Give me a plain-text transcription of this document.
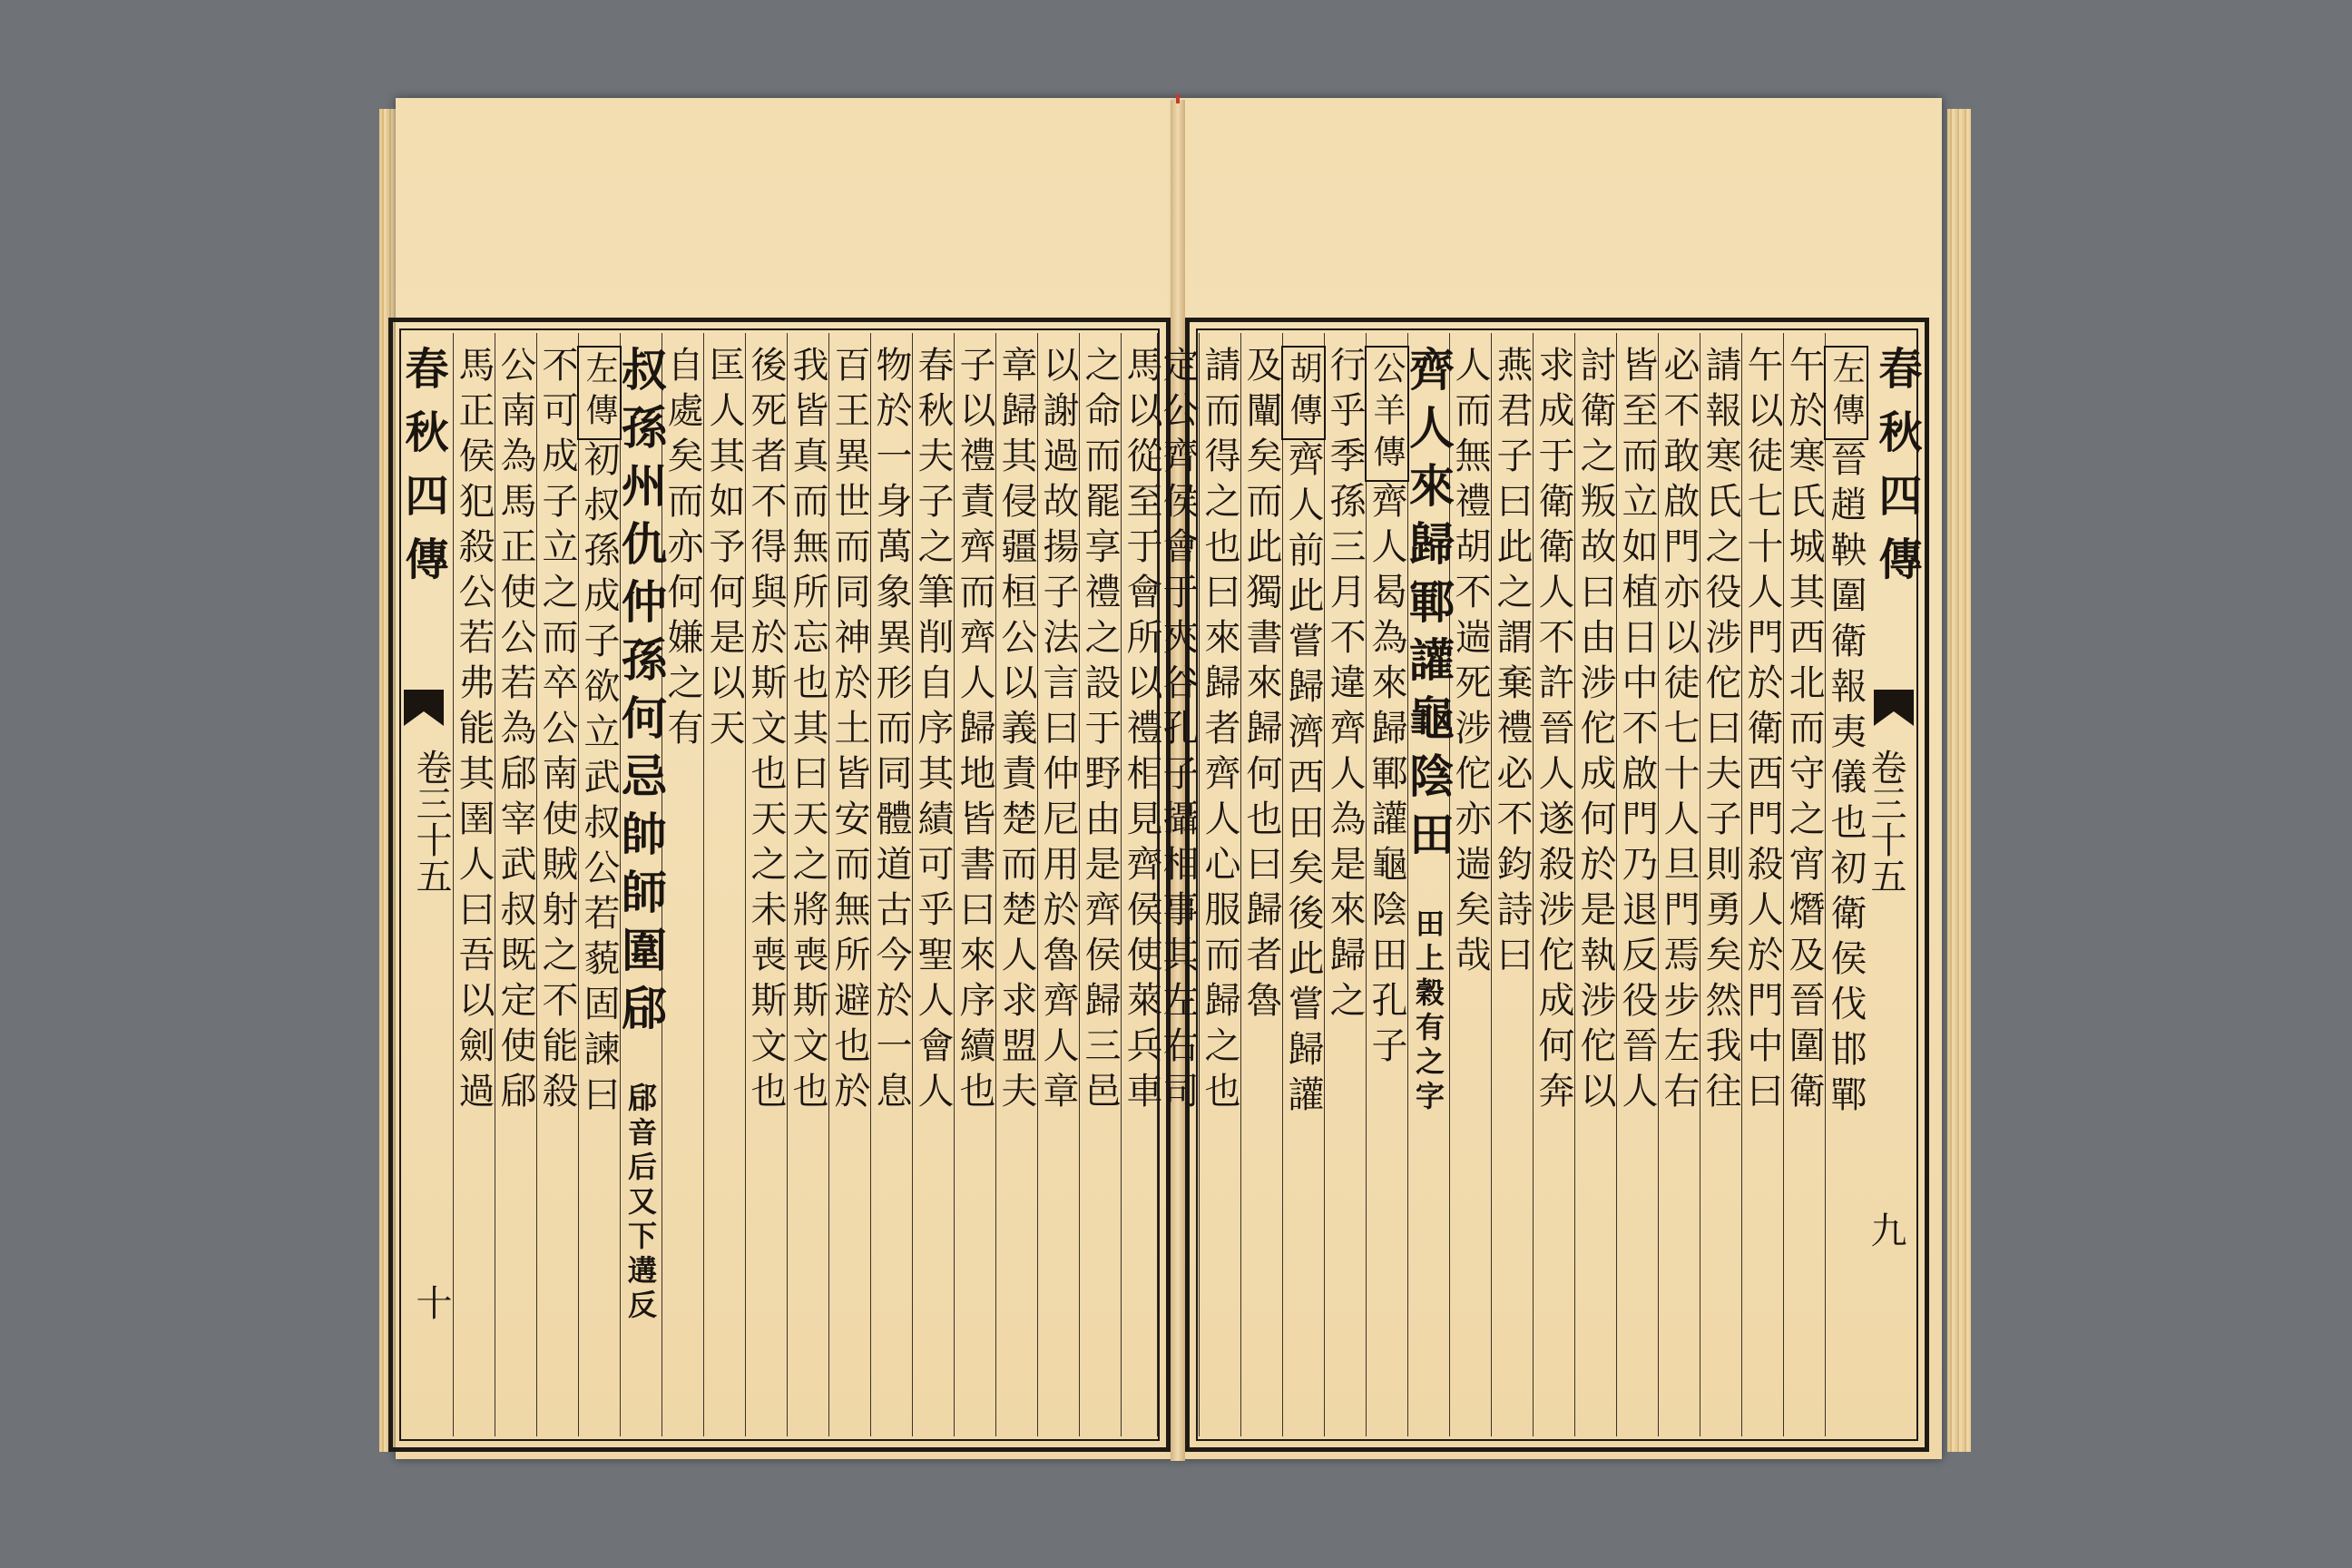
馬以從至于會所以禮相見齊侯使萊兵車
之命而罷享禮之設于野由是齊侯歸三邑
以謝過故揚子法言曰仲尼用於魯齊人章
章歸其侵疆桓公以義責楚而楚人求盟夫
子以禮責齊而齊人歸地皆書曰來序續也
春秋夫子之筆削自序其績可乎聖人會人
物於一身萬象異形而同體道古今於一息
百王異世而同神於土皆安而無所避也於
我皆真而無所忘也其曰天之將喪斯文也
後死者不得與於斯文也天之未喪斯文也
匡人其如予何是以天
自處矣而亦何嫌之有
叔孫州仇仲孫何忌帥師圍郈 郈音后又下遘反
左傳初叔孫成子欲立武叔公若藐固諫曰
不可成子立之而卒公南使賊射之不能殺
公南為馬正使公若為郈宰武叔既定使郈
馬正侯犯殺公若弗能其圉人曰吾以劍過
春秋四傳
卷三十五
十
左傳晉趙鞅圍衛報夷儀也初衛侯伐邯鄲
午於寒氏城其西北而守之宵熸及晉圍衛
午以徒七十人門於衛西門殺人於門中曰
請報寒氏之役涉佗曰夫子則勇矣然我往
必不敢啟門亦以徒七十人旦門焉步左右
皆至而立如植日中不啟門乃退反役晉人
討衛之叛故曰由涉佗成何於是執涉佗以
求成于衛衛人不許晉人遂殺涉佗成何奔
燕君子曰此之謂棄禮必不鈞詩曰
人而無禮胡不遄死涉佗亦遄矣哉
齊人來歸鄆讙龜陰田 田上穀有之字
公羊傳齊人曷為來歸鄆讙龜陰田孔子
行乎季孫三月不違齊人為是來歸之
胡傳齊人前此嘗歸濟西田矣後此嘗歸讙
及闡矣而此獨書來歸何也曰歸者魯
請而得之也曰來歸者齊人心服而歸之也
定公齊侯會于夾谷孔子攝相事其左右司	春秋四傳
卷三十五
九
